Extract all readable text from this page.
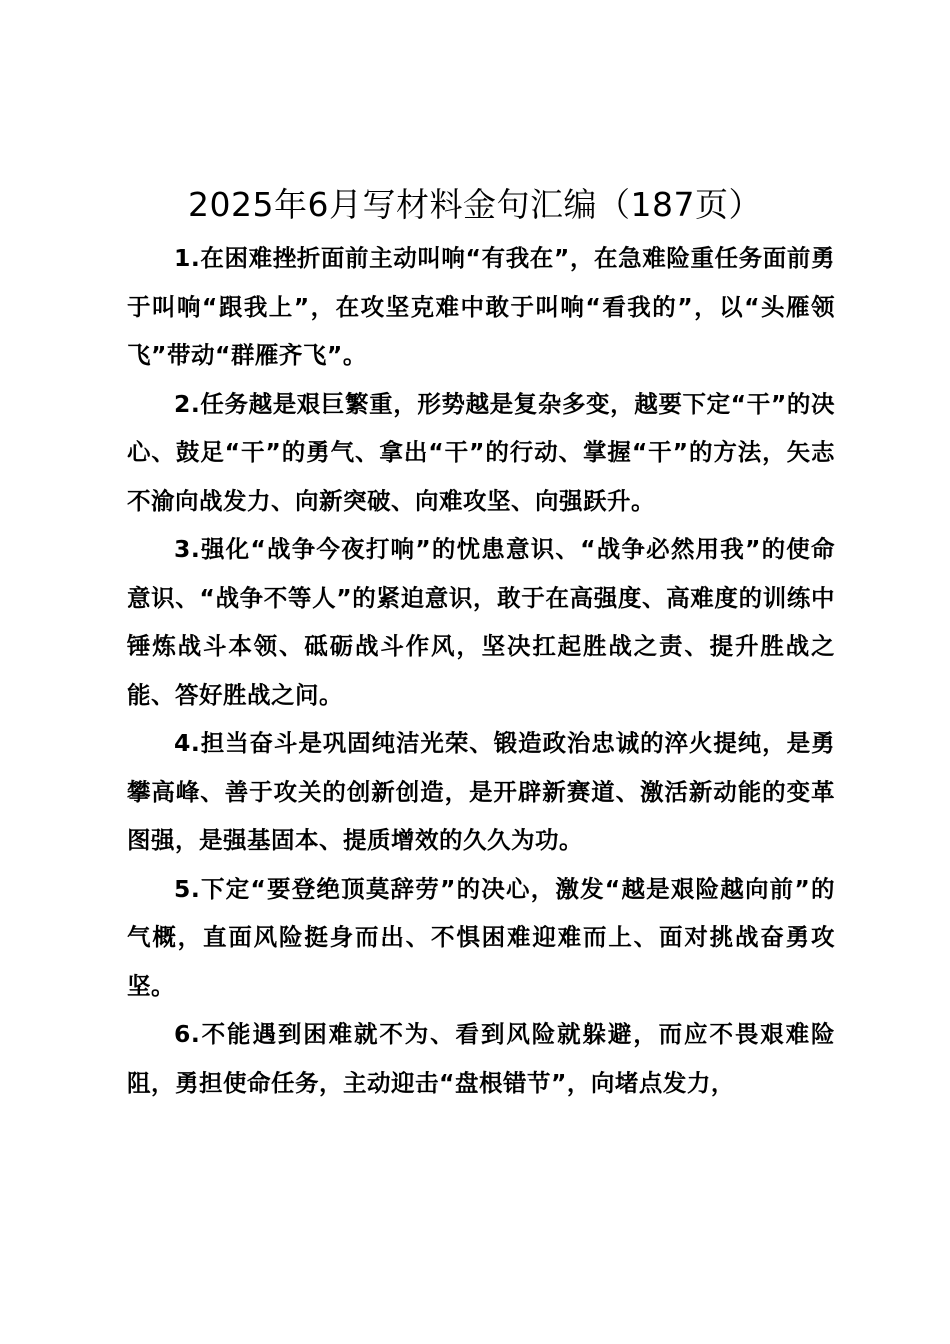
2025年6月写材料金句汇编（187页）

1.在困难挫折面前主动叫响“有我在”，在急难险重任务面前勇于叫响“跟我上”，在攻坚克难中敢于叫响“看我的”，以“头雁领飞”带动“群雁齐飞”。

2.任务越是艰巨繁重，形势越是复杂多变，越要下定“干”的决心、鼓足“干”的勇气、拿出“干”的行动、掌握“干”的方法，矢志不渝向战发力、向新突破、向难攻坚、向强跃升。

3.强化“战争今夜打响”的忧患意识、“战争必然用我”的使命意识、“战争不等人”的紧迫意识，敢于在高强度、高难度的训练中锤炼战斗本领、砥砺战斗作风，坚决扛起胜战之责、提升胜战之能、答好胜战之问。

4.担当奋斗是巩固纯洁光荣、锻造政治忠诚的淬火提纯，是勇攀高峰、善于攻关的创新创造，是开辟新赛道、激活新动能的变革图强，是强基固本、提质增效的久久为功。

5.下定“要登绝顶莫辞劳”的决心，激发“越是艰险越向前”的气概，直面风险挺身而出、不惧困难迎难而上、面对挑战奋勇攻坚。

6.不能遇到困难就不为、看到风险就躲避，而应不畏艰难险阻，勇担使命任务，主动迎击“盘根错节”，向堵点发力，
